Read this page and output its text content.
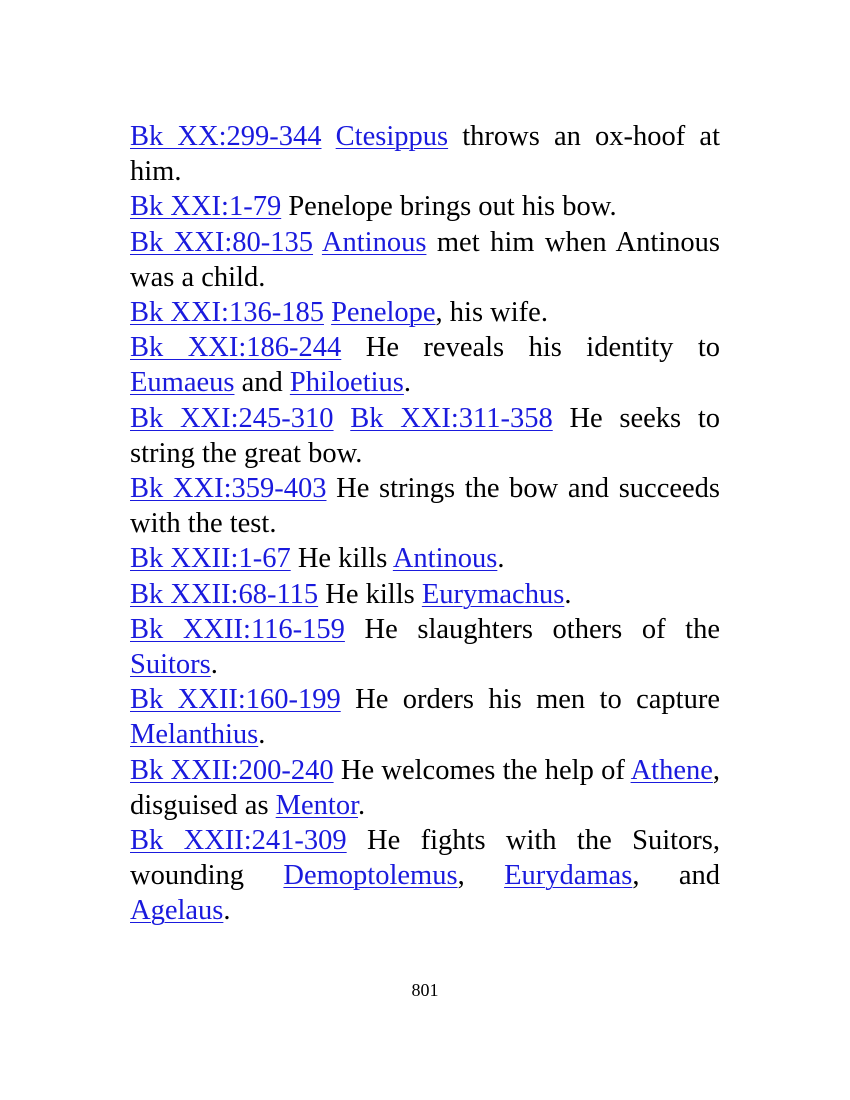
Bk XX:299-344 Ctesippus throws an ox-hoof at him.

Bk XXI:1-79 Penelope brings out his bow.

Bk XXI:80-135 Antinous met him when Antinous was a child.

Bk XXI:136-185 Penelope, his wife.

Bk XXI:186-244 He reveals his identity to Eumaeus and Philoetius.

Bk XXI:245-310 Bk XXI:311-358 He seeks to string the great bow.

Bk XXI:359-403 He strings the bow and succeeds with the test.

Bk XXII:1-67 He kills Antinous.

Bk XXII:68-115 He kills Eurymachus.

Bk XXII:116-159 He slaughters others of the Suitors.

Bk XXII:160-199 He orders his men to capture Melanthius.

Bk XXII:200-240 He welcomes the help of Athene, disguised as Mentor.

Bk XXII:241-309 He fights with the Suitors, wounding Demoptolemus, Eurydamas, and Agelaus.

801
